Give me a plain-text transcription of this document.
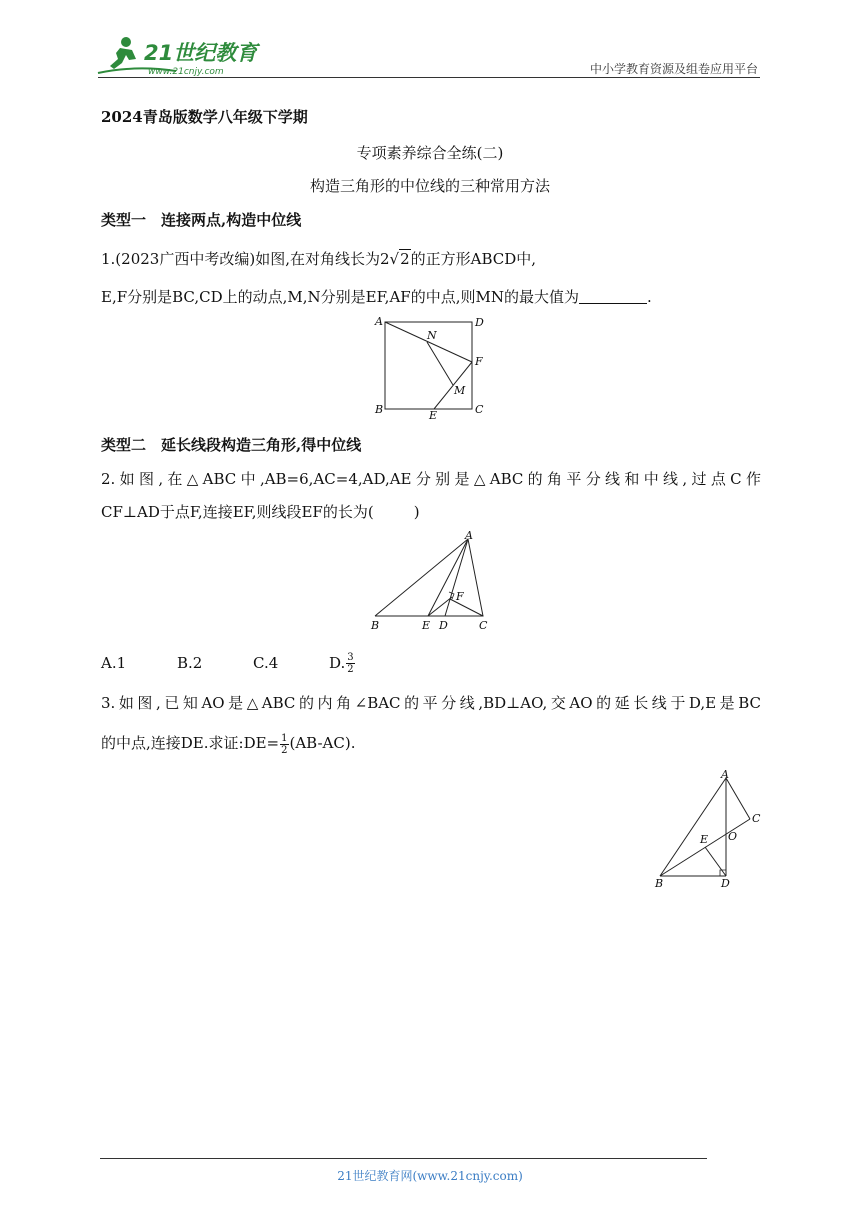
21世纪教育
www.21cnjy.com	中小学教育资源及组卷应用平台
2024青岛版数学八年级下学期
专项素养综合全练(二)
构造三角形的中位线的三种常用方法
类型一　连接两点,构造中位线
1.(2023广西中考改编)如图,在对角线长为2√2的正方形ABCD中,
E,F分别是BC,CD上的动点,M,N分别是EF,AF的中点,则MN的最大值为	.
A	D
N
F
M
B	E	C
类型二　延长线段构造三角形,得中位线
2.如图,在△ABC中,AB=6,AC=4,AD,AE分别是△ABC的角平分线和中线,过点C作
CF⊥AD于点F,连接EF,则线段EF的长为(	)
A
F
B	E D	C
A.1	B.2	C.4	D. $\frac{3}{2}$
3.如图,已知AO是△ABC的内角∠BAC的平分线,BD⊥AO,交AO的延长线于D,E是BC
的中点,连接DE.求证:DE= $\frac{1}{2} (AB-AC)$.
A
C
E O
B	D
21世纪教育网(www.21cnjy.com)
